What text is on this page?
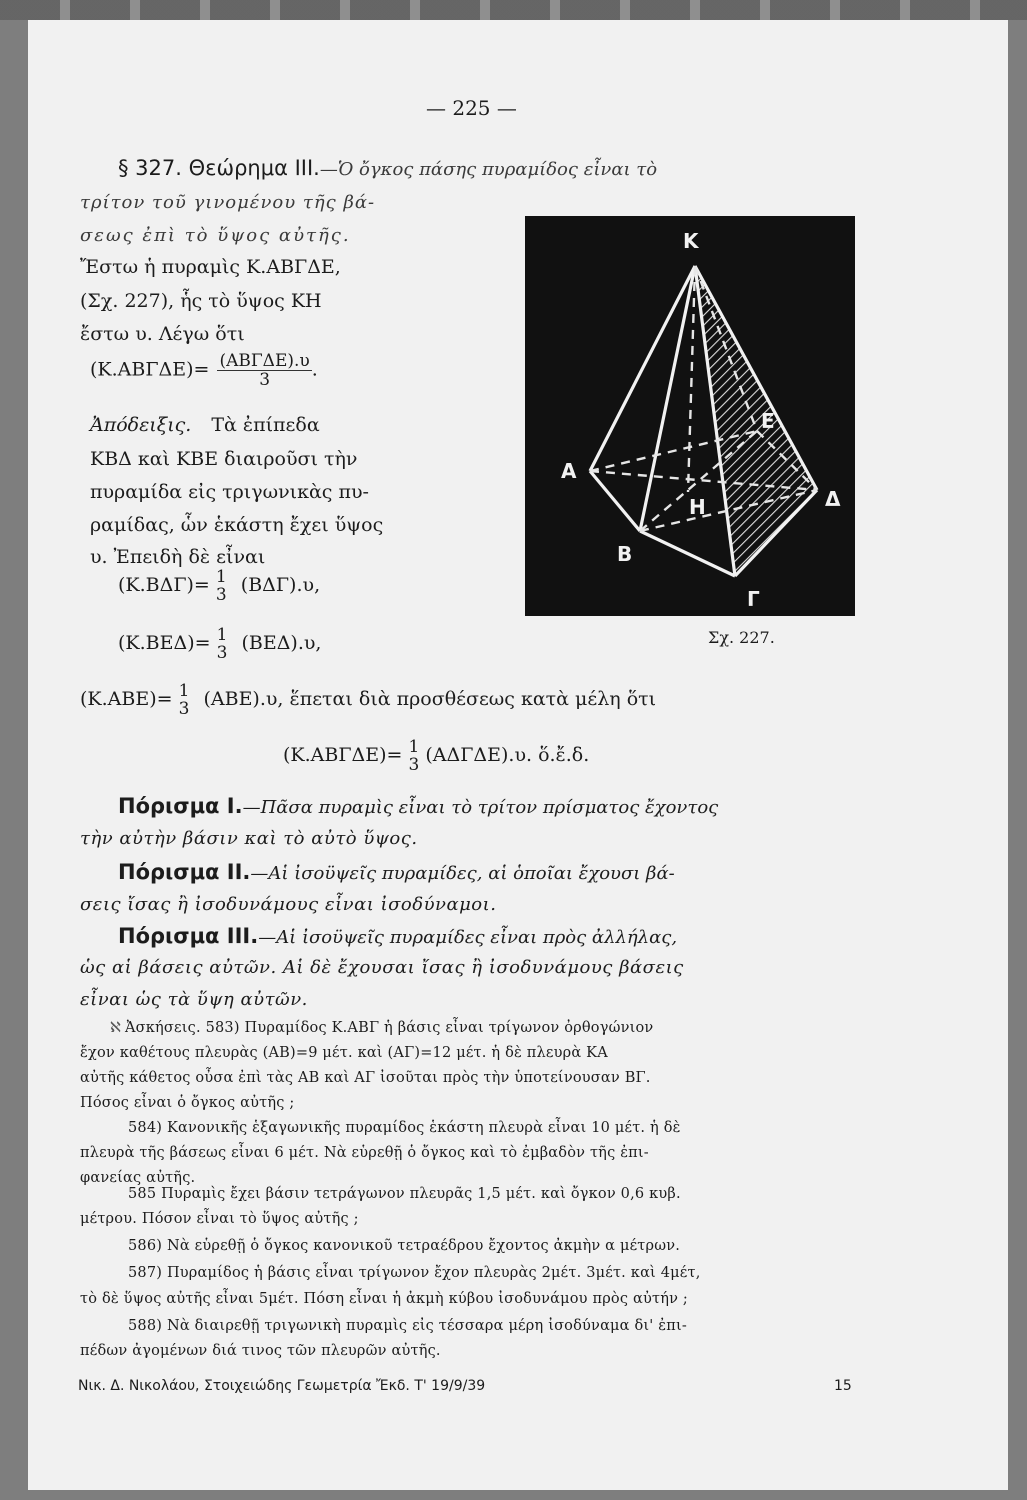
— 225 —
§ 327. Θεώρημα ΙΙΙ.—Ὁ ὄγκος πάσης πυραμίδος εἶναι τὸ
τρίτον τοῦ γινομένου τῆς βά-
σεως ἐπὶ τὸ ὕψος αὐτῆς.
Ἔστω ἡ πυραμὶς Κ.ΑΒΓΔΕ,
(Σχ. 227), ἧς τὸ ὕψος ΚΗ
ἔστω υ. Λέγω ὅτι
$(K.AB\Gamma\Delta E)= \frac{\text{(ΑΒΓΔΕ).υ}}{3}$ .
Ἀπόδειξις. Τὰ ἐπίπεδα
ΚΒΔ καὶ ΚΒΕ διαιροῦσι τὴν
πυραμίδα εἰς τριγωνικὰς πυ-
ραμίδας, ὧν ἑκάστη ἔχει ὕψος
υ. Ἐπειδὴ δὲ εἶναι
(Κ.ΒΔΓ)= 1
3 (ΒΔΓ).υ,
(Κ.ΒΕΔ)= 1
3 (ΒΕΔ).υ,
(Κ.ΑΒΕ)= 1
3 (ΑΒΕ).υ, ἕπεται διὰ προσθέσεως κατὰ μέλη ὅτι
(Κ.ΑΒΓΔΕ)= 1
3 (ΑΔΓΔΕ).υ. ὅ.ἔ.δ.
Κ
Α
Β
Γ
Δ
Ε
Η
Σχ. 227.
Πόρισμα Ι.—Πᾶσα πυραμὶς εἶναι τὸ τρίτον πρίσματος ἔχοντος
τὴν αὐτὴν βάσιν καὶ τὸ αὐτὸ ὕψος.
Πόρισμα ΙΙ.—Αἱ ἰσοϋψεῖς πυραμίδες, αἱ ὁποῖαι ἔχουσι βά-
σεις ἴσας ἢ ἰσοδυνάμους εἶναι ἰσοδύναμοι.
Πόρισμα ΙΙΙ.—Αἱ ἰσοϋψεῖς πυραμίδες εἶναι πρὸς ἀλλήλας,
ὡς αἱ βάσεις αὐτῶν. Αἱ δὲ ἔχουσαι ἴσας ἢ ἰσοδυνάμους βάσεις
εἶναι ὡς τὰ ὕψη αὐτῶν.
ℵ Ἀσκήσεις. 583) Πυραμίδος Κ.ΑΒΓ ἡ βάσις εἶναι τρίγωνον ὀρθογώνιον
ἔχον καθέτους πλευρὰς (ΑΒ)=9 μέτ. καὶ (ΑΓ)=12 μέτ. ἡ δὲ πλευρὰ ΚΑ
αὐτῆς κάθετος οὖσα ἐπὶ τὰς ΑΒ καὶ ΑΓ ἰσοῦται πρὸς τὴν ὑποτείνουσαν ΒΓ.
Πόσος εἶναι ὁ ὄγκος αὐτῆς ;
584) Κανονικῆς ἑξαγωνικῆς πυραμίδος ἑκάστη πλευρὰ εἶναι 10 μέτ. ἡ δὲ
πλευρὰ τῆς βάσεως εἶναι 6 μέτ. Νὰ εὑρεθῇ ὁ ὄγκος καὶ τὸ ἐμβαδὸν τῆς ἐπι-
φανείας αὐτῆς.
585 Πυραμὶς ἔχει βάσιν τετράγωνον πλευρᾶς 1,5 μέτ. καὶ ὄγκον 0,6 κυβ.
μέτρου. Πόσον εἶναι τὸ ὕψος αὐτῆς ;
586) Νὰ εὑρεθῇ ὁ ὄγκος κανονικοῦ τετραέδρου ἔχοντος ἀκμὴν α μέτρων.
587) Πυραμίδος ἡ βάσις εἶναι τρίγωνον ἔχον πλευρὰς 2μέτ. 3μέτ. καὶ 4μέτ,
τὸ δὲ ὕψος αὐτῆς εἶναι 5μέτ. Πόση εἶναι ἡ ἀκμὴ κύβου ἰσοδυνάμου πρὸς αὐτήν ;
588) Νὰ διαιρεθῇ τριγωνικὴ πυραμὶς εἰς τέσσαρα μέρη ἰσοδύναμα δι' ἐπι-
πέδων ἀγομένων διά τινος τῶν πλευρῶν αὐτῆς.
Νικ. Δ. Νικολάου, Στοιχειώδης Γεωμετρία Ἔκδ. Τ' 19/9/39	15
